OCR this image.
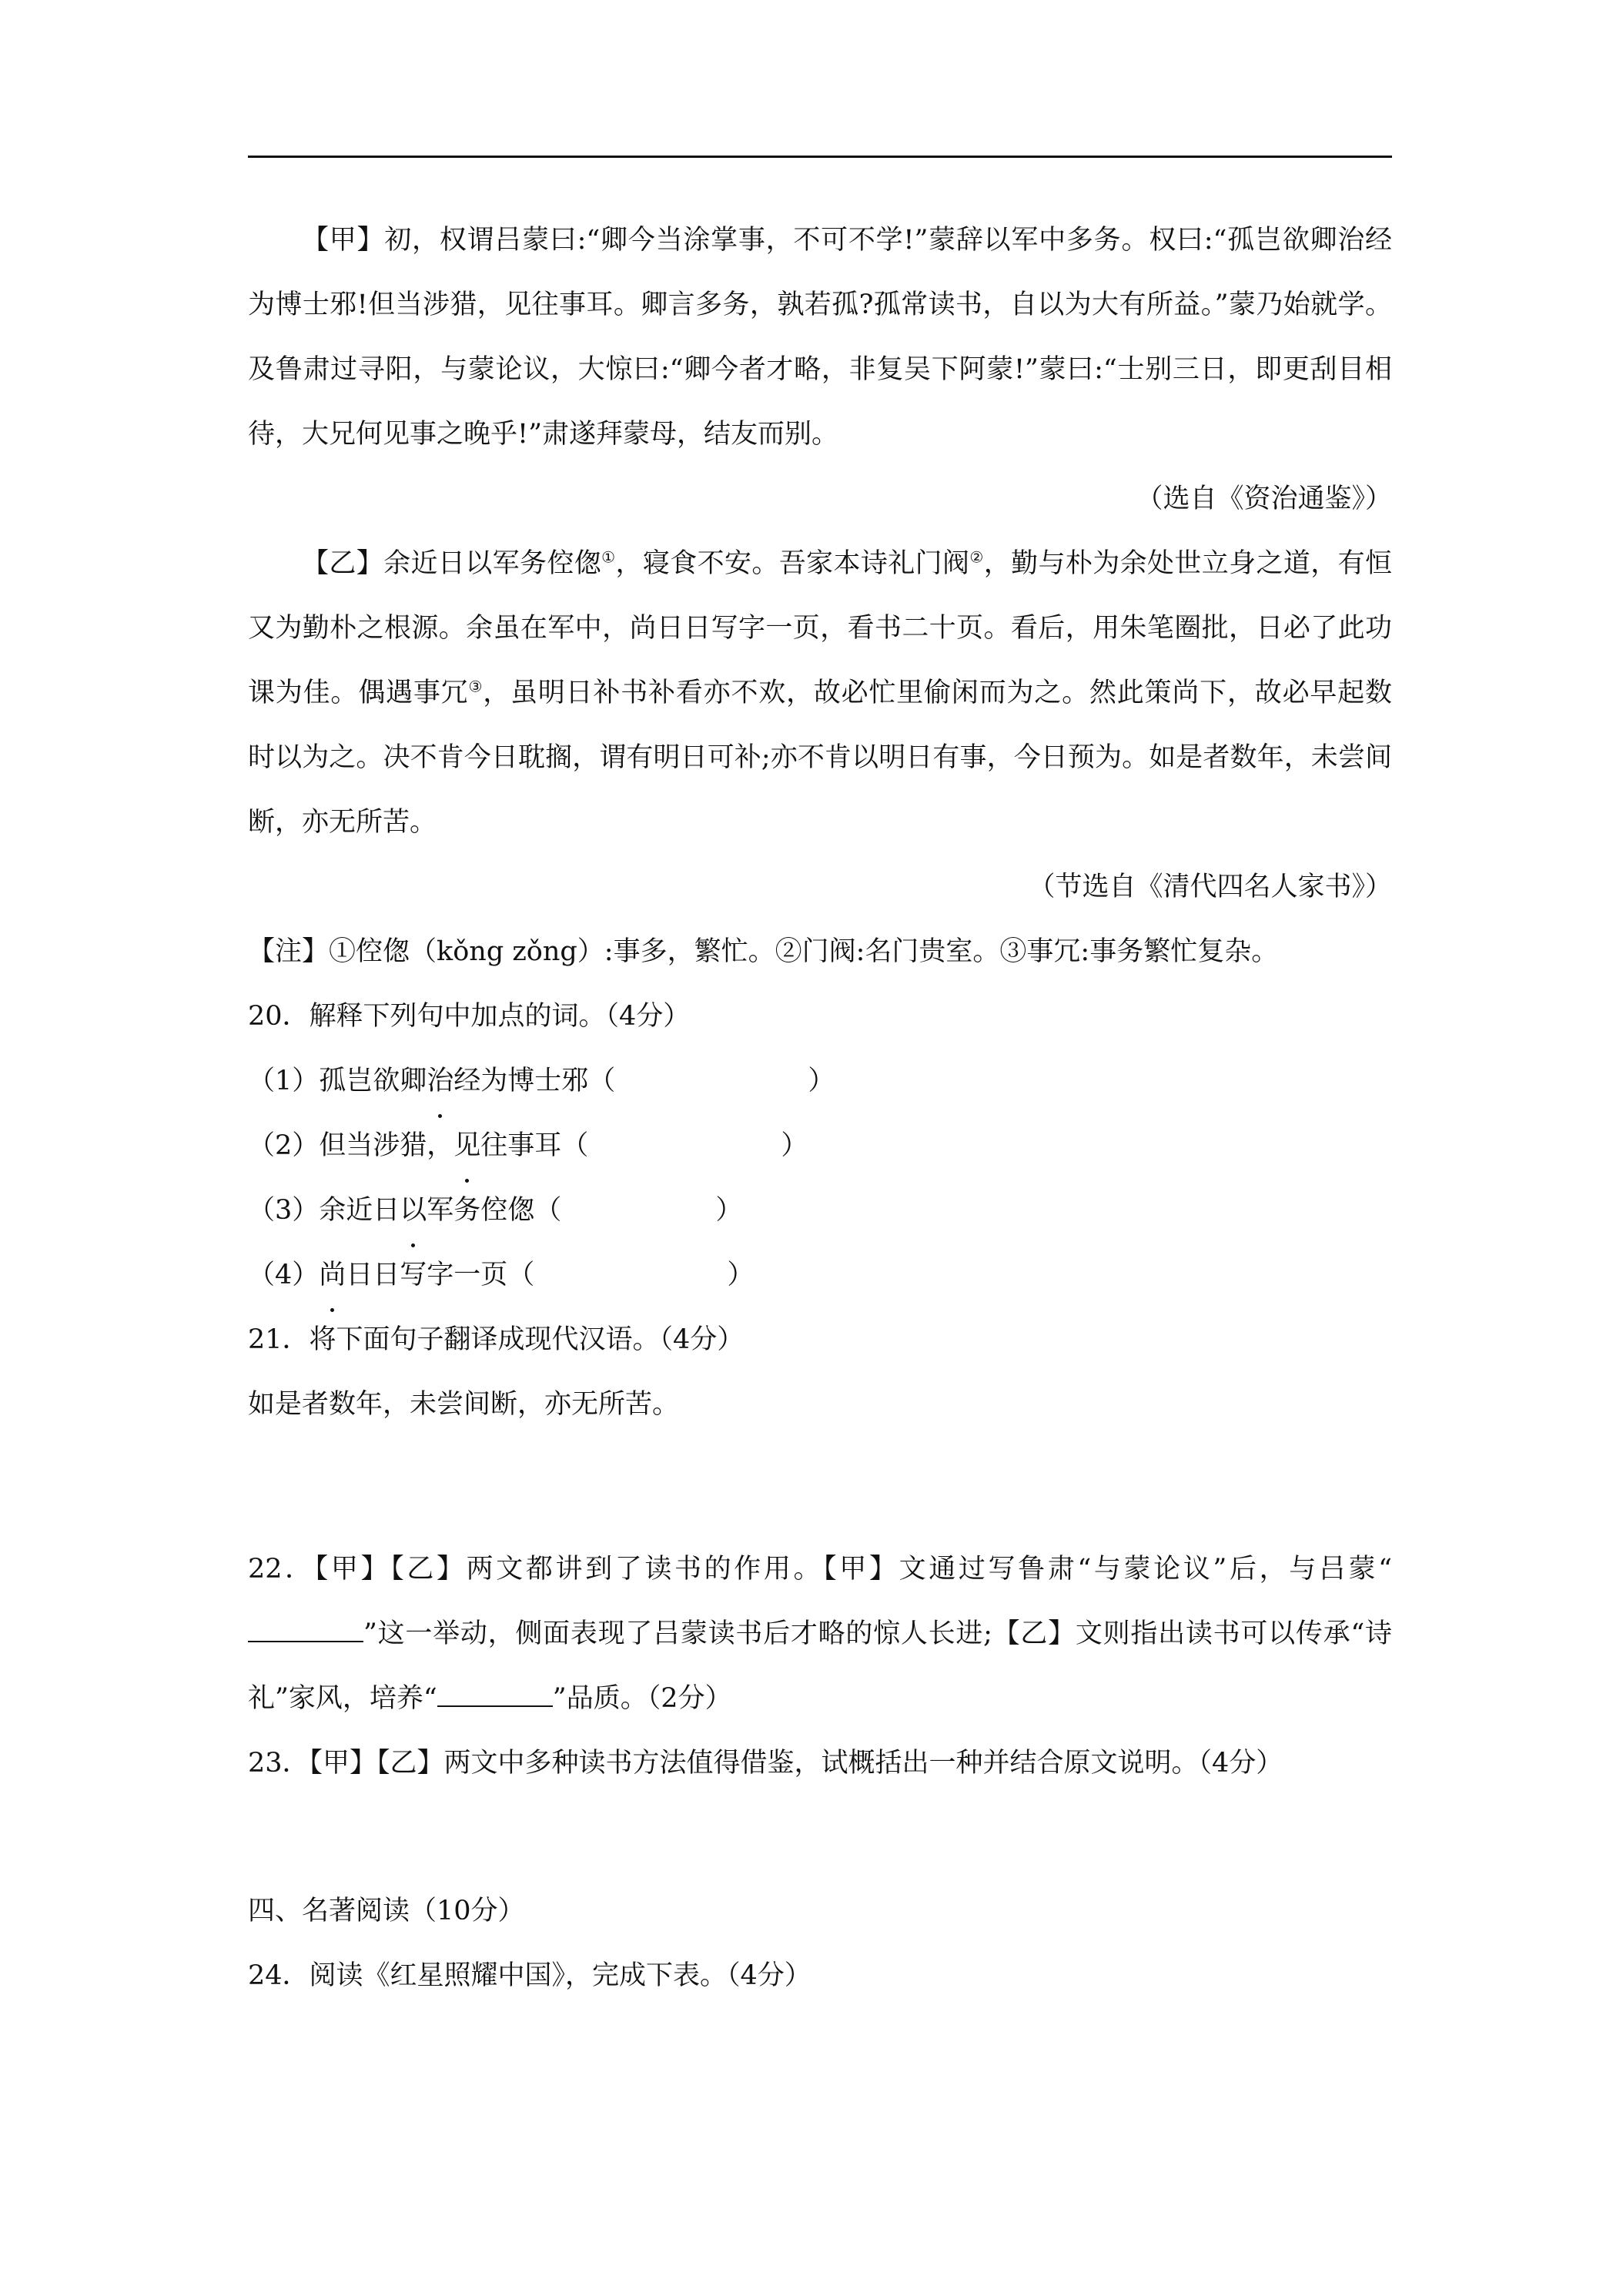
【甲】初，权谓吕蒙曰:“卿今当涂掌事，不可不学!”蒙辞以军中多务。权曰:“孤岂欲卿治经为博士邪!但当涉猎，见往事耳。卿言多务，孰若孤?孤常读书，自以为大有所益。”蒙乃始就学。及鲁肃过寻阳，与蒙论议，大惊曰:“卿今者才略，非复吴下阿蒙!”蒙曰:“士别三日，即更刮目相待，大兄何见事之晚乎!”肃遂拜蒙母，结友而别。

（选自《资治通鉴》）

【乙】余近日以军务倥偬①，寝食不安。吾家本诗礼门阀②，勤与朴为余处世立身之道，有恒又为勤朴之根源。余虽在军中，尚日日写字一页，看书二十页。看后，用朱笔圈批，日必了此功课为佳。偶遇事冗③，虽明日补书补看亦不欢，故必忙里偷闲而为之。然此策尚下，故必早起数时以为之。决不肯今日耽搁，谓有明日可补;亦不肯以明日有事，今日预为。如是者数年，未尝间断，亦无所苦。

（节选自《清代四名人家书》）

【注】①倥偬（kǒng zǒng）:事多，繁忙。②门阀:名门贵室。③事冗:事务繁忙复杂。

20．解释下列句中加点的词。（4分）

（1）孤岂欲卿治经为博士邪（	）

（2）但当涉猎，见往事耳（	）

（3）余近日以军务倥偬（	）

（4）尚日日写字一页（	）

21．将下面句子翻译成现代汉语。（4分）

如是者数年，未尝间断，亦无所苦。

22．【甲】【乙】两文都讲到了读书的作用。【甲】文通过写鲁肃“与蒙论议”后，与吕蒙“”这一举动，侧面表现了吕蒙读书后才略的惊人长进;【乙】文则指出读书可以传承“诗礼”家风，培养“	”品质。（2分）

23．【甲】【乙】两文中多种读书方法值得借鉴，试概括出一种并结合原文说明。（4分）

四、名著阅读（10分）

24．阅读《红星照耀中国》，完成下表。（4分）
